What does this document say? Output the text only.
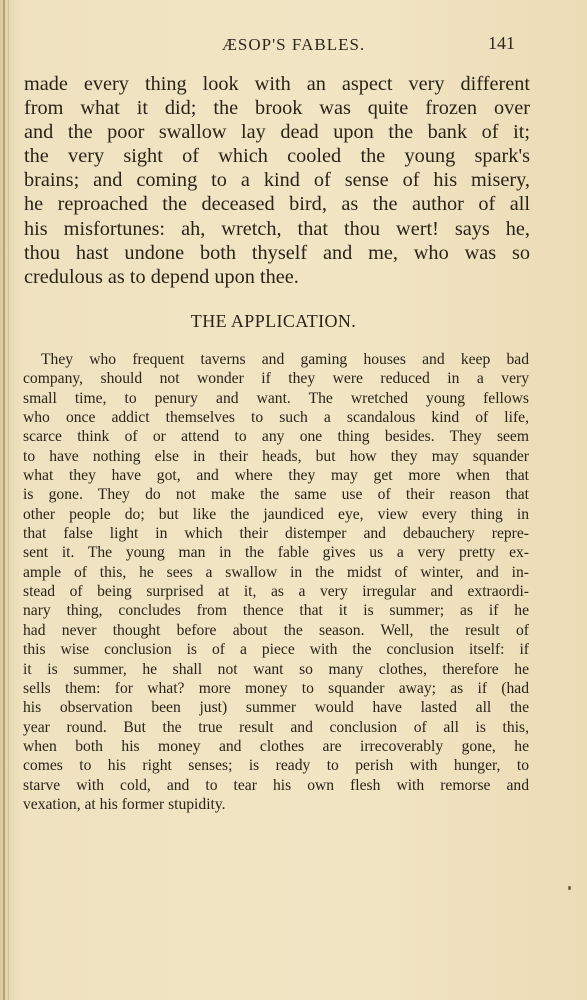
ÆSOP'S FABLES.	141
made every thing look with an aspect very different
from what it did; the brook was quite frozen over
and the poor swallow lay dead upon the bank of it;
the very sight of which cooled the young spark's
brains; and coming to a kind of sense of his misery,
he reproached the deceased bird, as the author of all
his misfortunes: ah, wretch, that thou wert! says he,
thou hast undone both thyself and me, who was so
credulous as to depend upon thee.
THE APPLICATION.
They who frequent taverns and gaming houses and keep bad
company, should not wonder if they were reduced in a very
small time, to penury and want. The wretched young fellows
who once addict themselves to such a scandalous kind of life,
scarce think of or attend to any one thing besides. They seem
to have nothing else in their heads, but how they may squander
what they have got, and where they may get more when that
is gone. They do not make the same use of their reason that
other people do; but like the jaundiced eye, view every thing in
that false light in which their distemper and debauchery repre-
sent it. The young man in the fable gives us a very pretty ex-
ample of this, he sees a swallow in the midst of winter, and in-
stead of being surprised at it, as a very irregular and extraordi-
nary thing, concludes from thence that it is summer; as if he
had never thought before about the season. Well, the result of
this wise conclusion is of a piece with the conclusion itself: if
it is summer, he shall not want so many clothes, therefore he
sells them: for what? more money to squander away; as if (had
his observation been just) summer would have lasted all the
year round. But the true result and conclusion of all is this,
when both his money and clothes are irrecoverably gone, he
comes to his right senses; is ready to perish with hunger, to
starve with cold, and to tear his own flesh with remorse and
vexation, at his former stupidity.
